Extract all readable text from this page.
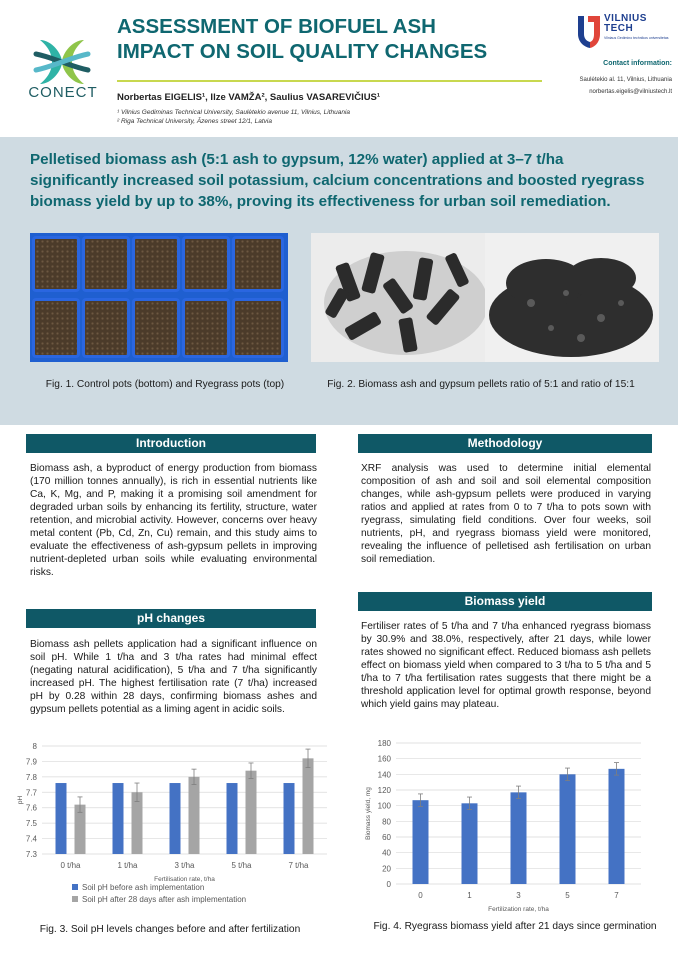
CONECT
ASSESSMENT OF BIOFUEL ASH
IMPACT ON SOIL QUALITY CHANGES
Norbertas EIGELIS¹, Ilze VAMŽA², Saulius VASAREVIČIUS¹
¹ Vilnius Gediminas Technical University, Saulėtekio avenue 11, Vilnius, Lithuania
² Riga Technical University, Āzenes street 12/1, Latvia
VILNIUS
TECH
Vilniaus Gedimino technikos universitetas
Contact information:
Saulėtekio al. 11, Vilnius, Lithuania
norbertas.eigelis@vilniustech.lt
Pelletised biomass ash (5:1 ash to gypsum, 12% water) applied at 3–7 t/ha significantly increased soil potassium, calcium concentrations and boosted ryegrass biomass yield by up to 38%, proving its effectiveness for urban soil remediation.
Fig. 1. Control pots (bottom) and Ryegrass pots (top)	Fig. 2. Biomass ash and gypsum pellets ratio of 5:1 and ratio of 15:1
Introduction
Biomass ash, a byproduct of energy production from biomass (170 million tonnes annually), is rich in essential nutrients like Ca, K, Mg, and P, making it a promising soil amendment for degraded urban soils by enhancing its fertility, structure, water retention, and microbial activity. However, concerns over heavy metal content (Pb, Cd, Zn, Cu) remain, and this study aims to evaluate the effectiveness of ash-gypsum pellets in improving nutrient-depleted urban soils while evaluating environmental risks.
pH changes
Biomass ash pellets application had a significant influence on soil pH. While 1 t/ha and 3 t/ha rates had minimal effect (negating natural acidification), 5 t/ha and 7 t/ha significantly increased pH. The highest fertilisation rate (7 t/ha) increased pH by 0.28 within 28 days, confirming biomass ashes and gypsum pellets potential as a liming agent in acidic soils.
7.3
7.4
7.5
7.6
7.7
7.8
7.9
8
pH
0 t/ha	1 t/ha	3 t/ha	5 t/ha	7 t/ha
Fertilisation rate, t/ha
Soil pH before ash implementation
Soil pH after 28 days after ash implementation
Fig. 3. Soil pH levels changes before and after fertilization
Methodology
XRF analysis was used to determine initial elemental composition of ash and soil and soil elemental composition changes, while ash-gypsum pellets were produced in varying ratios and applied at rates from 0 to 7 t/ha to pots sown with ryegrass, simulating field conditions. Over four weeks, soil nutrients, pH, and ryegrass biomass yield were monitored, revealing the influence of pelletised ash fertilisation on urban soil remediation.
Biomass yield
Fertiliser rates of 5 t/ha and 7 t/ha enhanced ryegrass biomass by 30.9% and 38.0%, respectively, after 21 days, while lower rates showed no significant effect. Reduced biomass ash pellets effect on biomass yield when compared to 3 t/ha to 5 t/ha and 5 t/ha to 7 t/ha fertilisation rates suggests that there might be a threshold application level for optimal growth response, beyond which yield gains may plateau.
0
20
40
60
80
100
120
140
160
180
Biomass yield, mg
0	1	3	5	7
Fertilization rate, t/ha
Fig. 4. Ryegrass biomass yield after 21 days since germination
